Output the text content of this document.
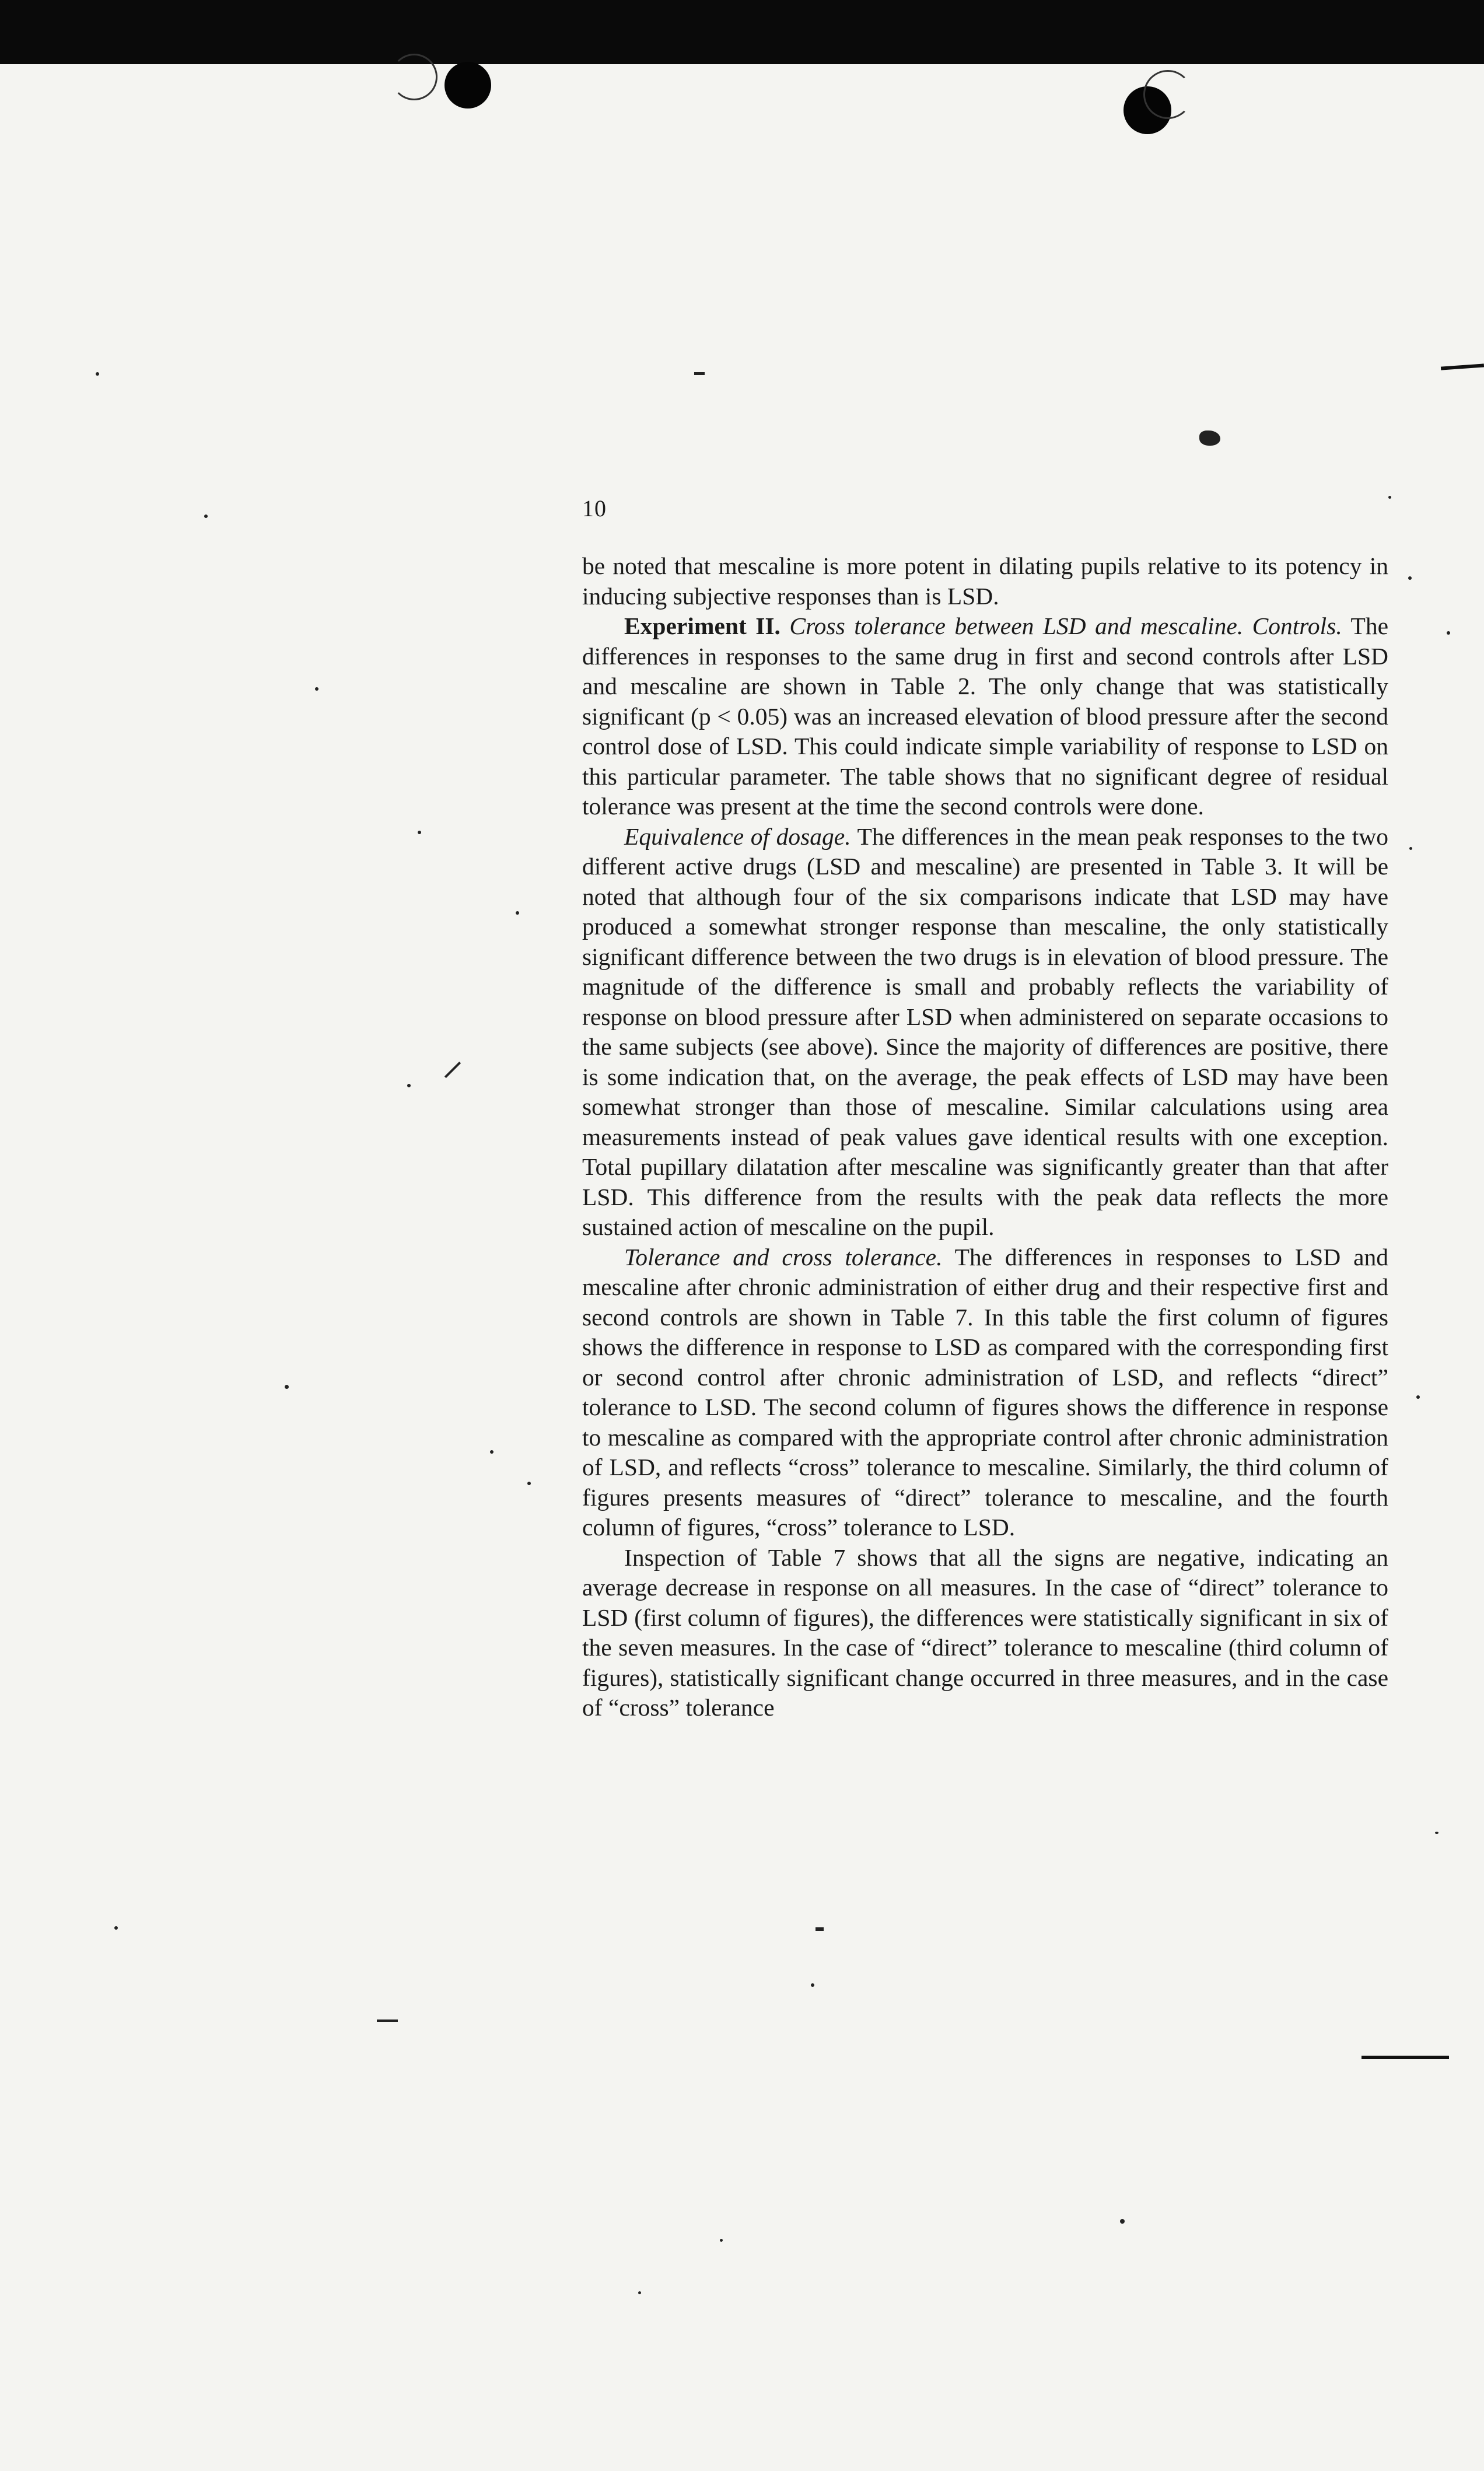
10

be noted that mescaline is more potent in dilating pupils relative to its potency in inducing subjective responses than is LSD.

Experiment II. Cross tolerance between LSD and mescaline. Controls. The differences in responses to the same drug in first and second controls after LSD and mescaline are shown in Table 2. The only change that was statistically significant (p < 0.05) was an increased elevation of blood pressure after the second control dose of LSD. This could indicate simple variability of response to LSD on this particular parameter. The table shows that no significant degree of residual tolerance was present at the time the second controls were done.

Equivalence of dosage. The differences in the mean peak responses to the two different active drugs (LSD and mescaline) are presented in Table 3. It will be noted that although four of the six comparisons indicate that LSD may have produced a somewhat stronger response than mescaline, the only statistically significant difference between the two drugs is in elevation of blood pressure. The magnitude of the difference is small and probably reflects the variability of response on blood pressure after LSD when administered on separate occasions to the same subjects (see above). Since the majority of differences are positive, there is some indication that, on the average, the peak effects of LSD may have been somewhat stronger than those of mescaline. Similar calculations using area measurements instead of peak values gave identical results with one exception. Total pupillary dilatation after mescaline was significantly greater than that after LSD. This difference from the results with the peak data reflects the more sustained action of mescaline on the pupil.

Tolerance and cross tolerance. The differences in responses to LSD and mescaline after chronic administration of either drug and their respective first and second controls are shown in Table 7. In this table the first column of figures shows the difference in response to LSD as compared with the corresponding first or second control after chronic administration of LSD, and reflects “direct” tolerance to LSD. The second column of figures shows the difference in response to mescaline as compared with the appropriate control after chronic administration of LSD, and reflects “cross” tolerance to mescaline. Similarly, the third column of figures presents measures of “direct” tolerance to mescaline, and the fourth column of figures, “cross” tolerance to LSD.

Inspection of Table 7 shows that all the signs are negative, indicating an average decrease in response on all measures. In the case of “direct” tolerance to LSD (first column of figures), the differences were statistically significant in six of the seven measures. In the case of “direct” tolerance to mescaline (third column of figures), statistically significant change occurred in three measures, and in the case of “cross” tolerance
